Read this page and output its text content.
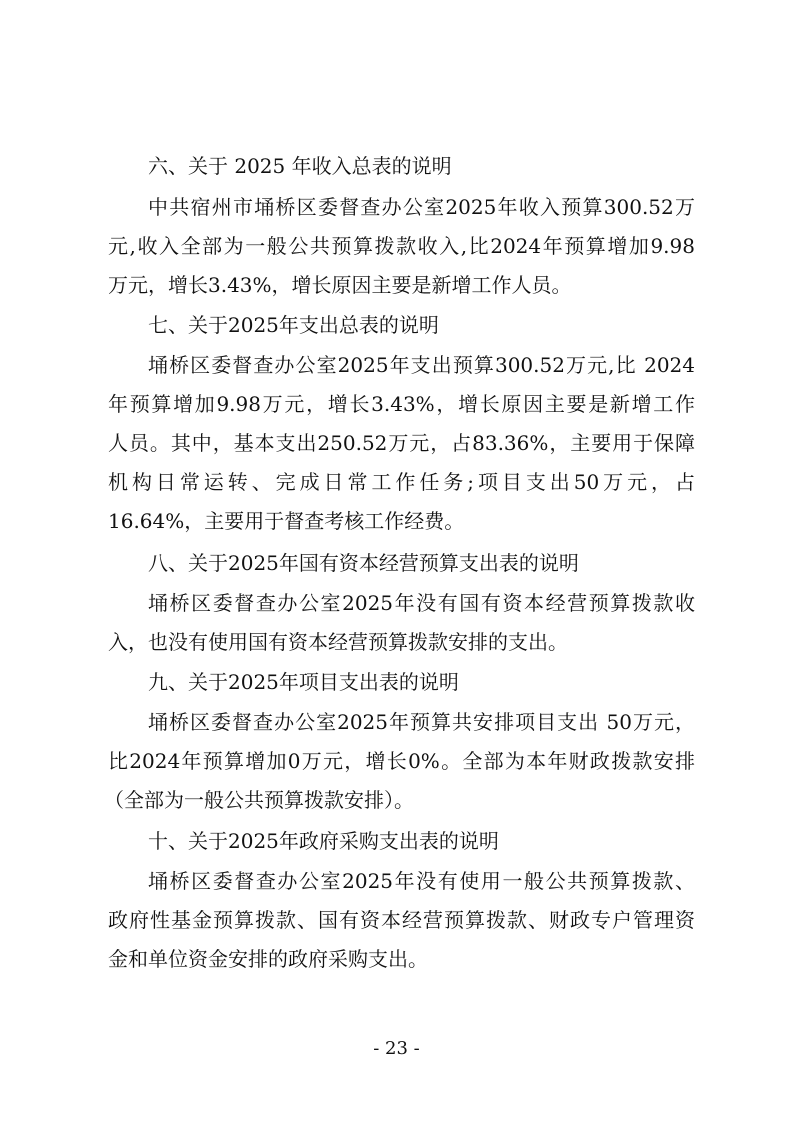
六、关于 2025 年收入总表的说明
中共宿州市埇桥区委督查办公室2025年收入预算300.52万
元,收入全部为一般公共预算拨款收入,比2024年预算增加9.98
万元，增长3.43%，增长原因主要是新增工作人员。
七、关于2025年支出总表的说明
埇桥区委督查办公室2025年支出预算300.52万元,比 2024
年预算增加9.98万元，增长3.43%，增长原因主要是新增工作
人员。其中，基本支出250.52万元，占83.36%，主要用于保障
机构日常运转、完成日常工作任务;项目支出50万元，占
16.64%，主要用于督查考核工作经费。
八、关于2025年国有资本经营预算支出表的说明
埇桥区委督查办公室2025年没有国有资本经营预算拨款收
入，也没有使用国有资本经营预算拨款安排的支出。
九、关于2025年项目支出表的说明
埇桥区委督查办公室2025年预算共安排项目支出 50万元，
比2024年预算增加0万元，增长0%。全部为本年财政拨款安排
（全部为一般公共预算拨款安排）。
十、关于2025年政府采购支出表的说明
埇桥区委督查办公室2025年没有使用一般公共预算拨款、
政府性基金预算拨款、国有资本经营预算拨款、财政专户管理资
金和单位资金安排的政府采购支出。
- 23 -
